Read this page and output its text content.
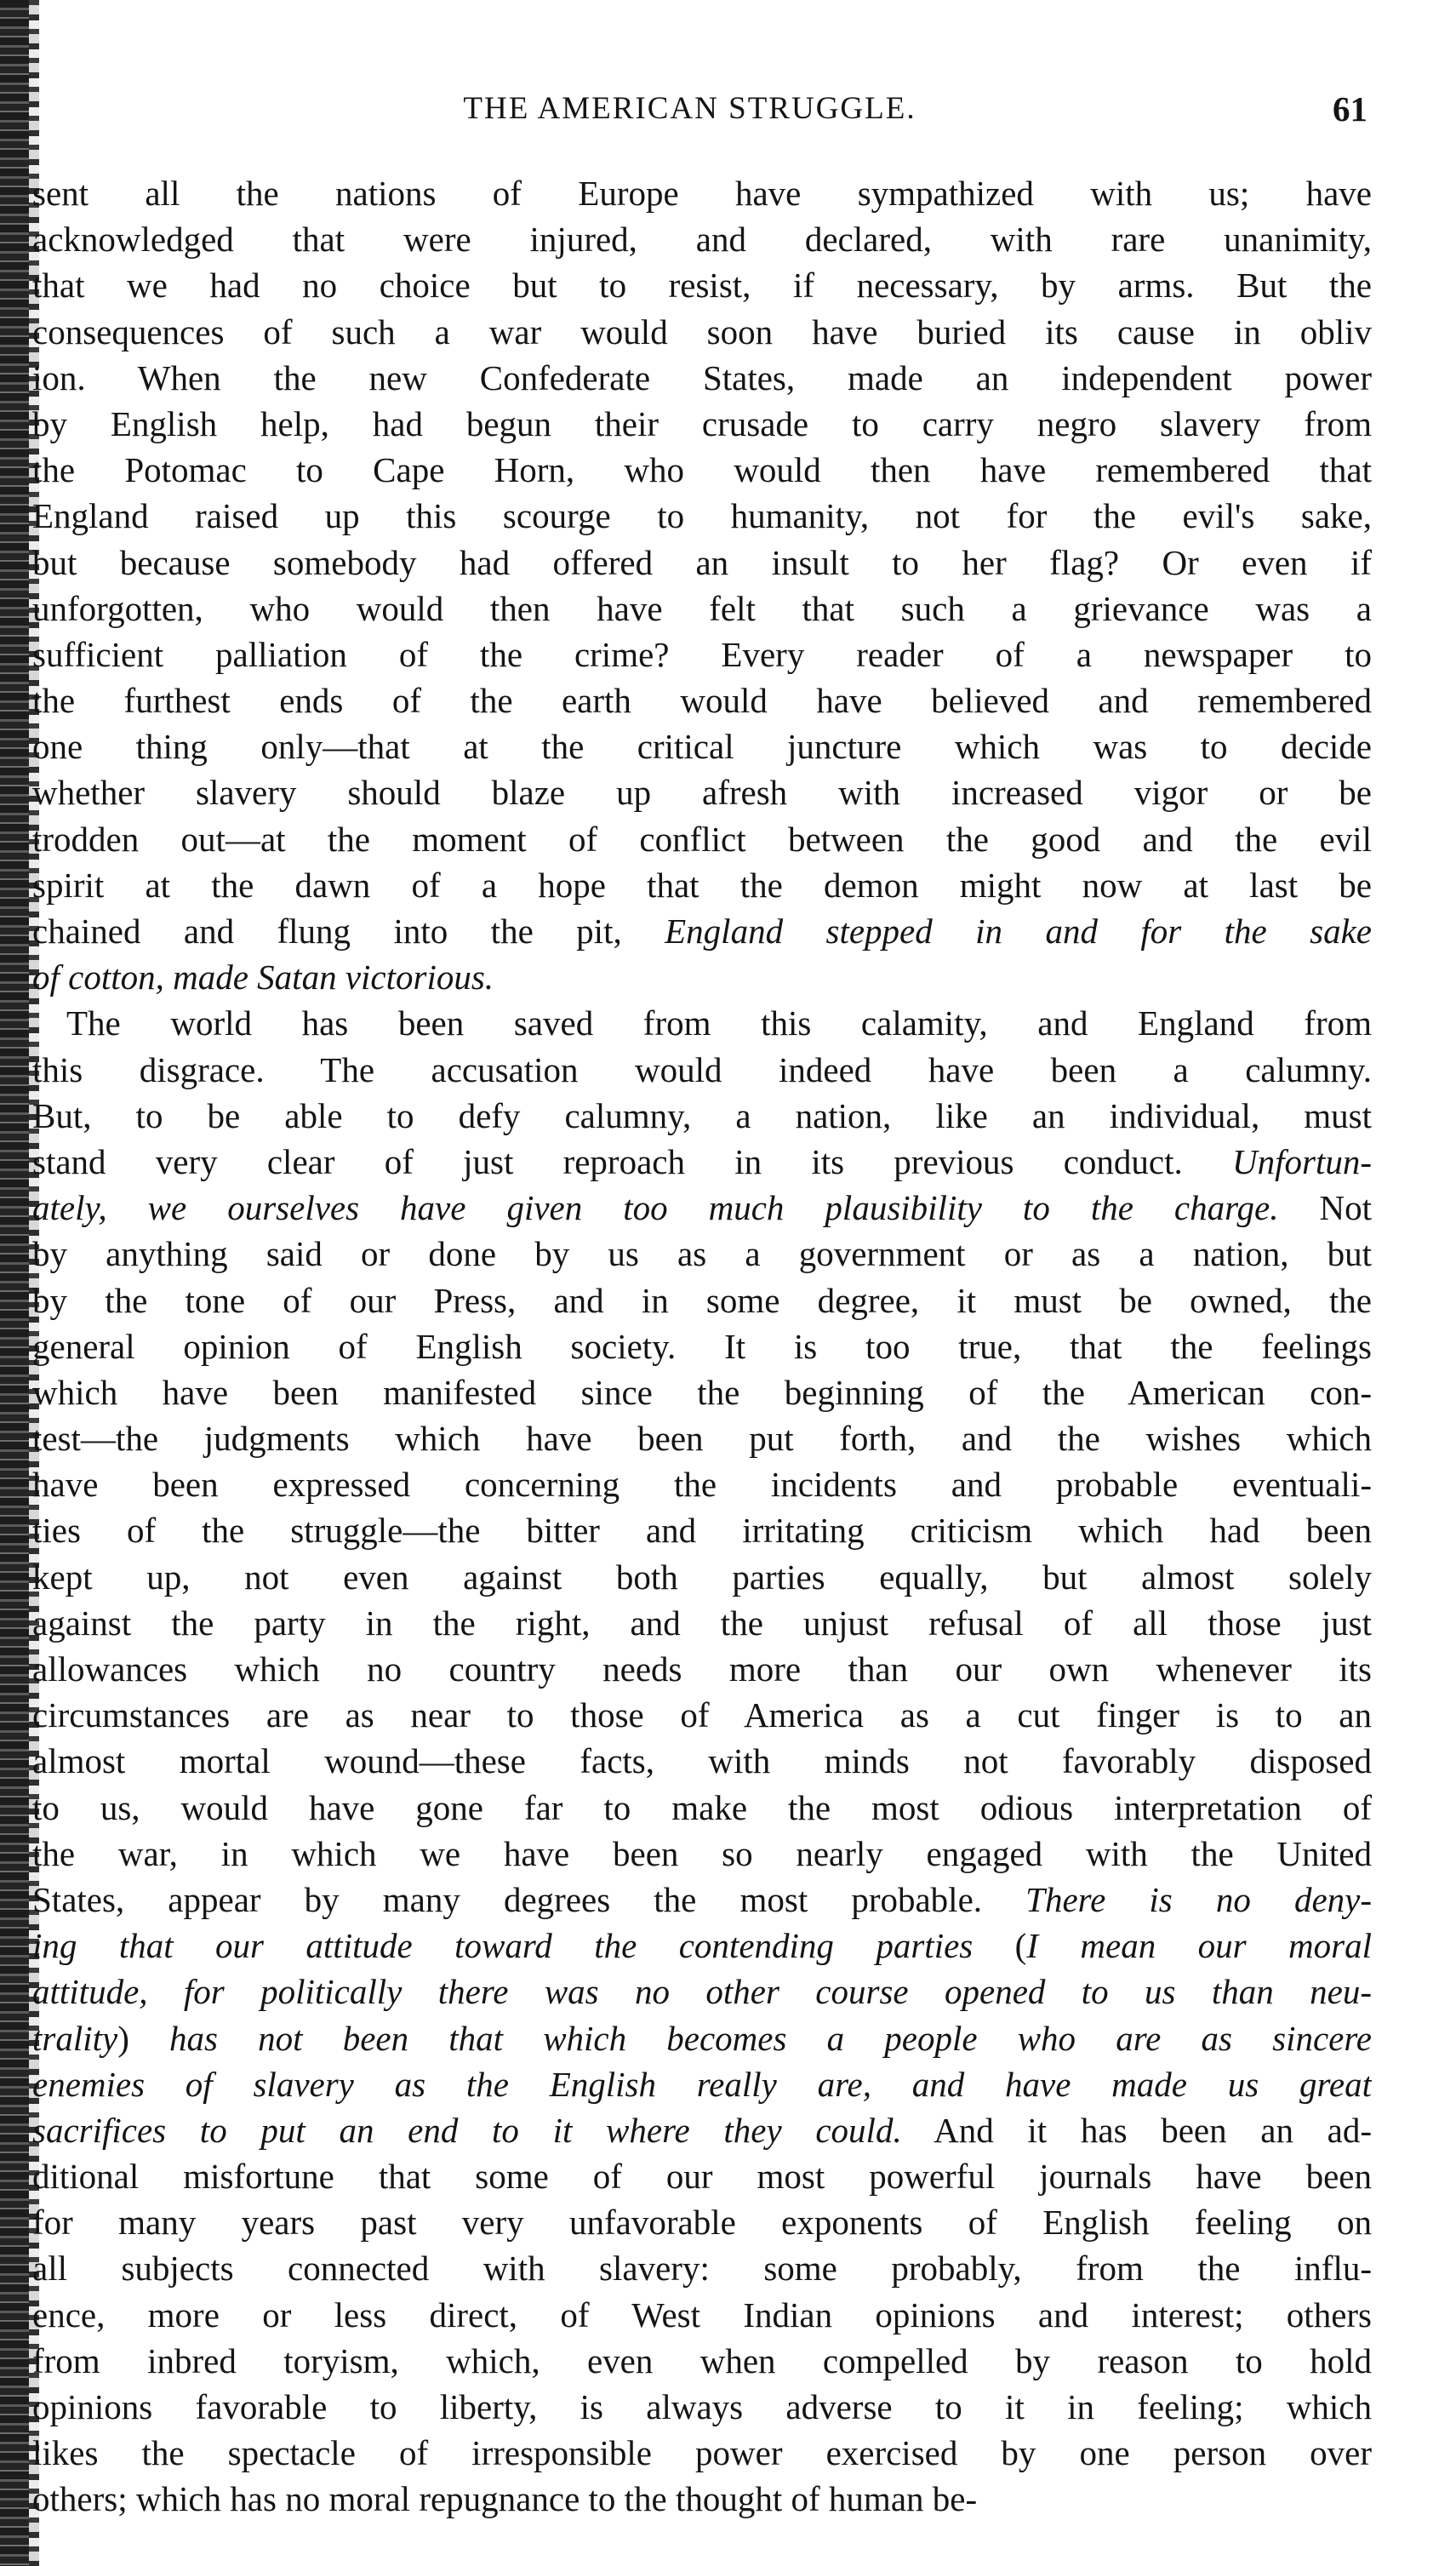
THE AMERICAN STRUGGLE.	61
sent all the nations of Europe have sympathized with us; have
acknowledged that were injured, and declared, with rare unanimity,
that we had no choice but to resist, if necessary, by arms. But the
consequences of such a war would soon have buried its cause in obliv
ion. When the new Confederate States, made an independent power
by English help, had begun their crusade to carry negro slavery from
the Potomac to Cape Horn, who would then have remembered that
England raised up this scourge to humanity, not for the evil's sake,
but because somebody had offered an insult to her flag? Or even if
unforgotten, who would then have felt that such a grievance was a
sufficient palliation of the crime? Every reader of a newspaper to
the furthest ends of the earth would have believed and remembered
one thing only—that at the critical juncture which was to decide
whether slavery should blaze up afresh with increased vigor or be
trodden out—at the moment of conflict between the good and the evil
spirit at the dawn of a hope that the demon might now at last be
chained and flung into the pit, England stepped in and for the sake
of cotton, made Satan victorious.
The world has been saved from this calamity, and England from
this disgrace. The accusation would indeed have been a calumny.
But, to be able to defy calumny, a nation, like an individual, must
stand very clear of just reproach in its previous conduct. Unfortun-
ately, we ourselves have given too much plausibility to the charge. Not
by anything said or done by us as a government or as a nation, but
by the tone of our Press, and in some degree, it must be owned, the
general opinion of English society. It is too true, that the feelings
which have been manifested since the beginning of the American con-
test—the judgments which have been put forth, and the wishes which
have been expressed concerning the incidents and probable eventuali-
ties of the struggle—the bitter and irritating criticism which had been
kept up, not even against both parties equally, but almost solely
against the party in the right, and the unjust refusal of all those just
allowances which no country needs more than our own whenever its
circumstances are as near to those of America as a cut finger is to an
almost mortal wound—these facts, with minds not favorably disposed
to us, would have gone far to make the most odious interpretation of
the war, in which we have been so nearly engaged with the United
States, appear by many degrees the most probable. There is no deny-
ing that our attitude toward the contending parties (I mean our moral
attitude, for politically there was no other course opened to us than neu-
trality) has not been that which becomes a people who are as sincere
enemies of slavery as the English really are, and have made us great
sacrifices to put an end to it where they could. And it has been an ad-
ditional misfortune that some of our most powerful journals have been
for many years past very unfavorable exponents of English feeling on
all subjects connected with slavery: some probably, from the influ-
ence, more or less direct, of West Indian opinions and interest; others
from inbred toryism, which, even when compelled by reason to hold
opinions favorable to liberty, is always adverse to it in feeling; which
likes the spectacle of irresponsible power exercised by one person over
others; which has no moral repugnance to the thought of human be-
